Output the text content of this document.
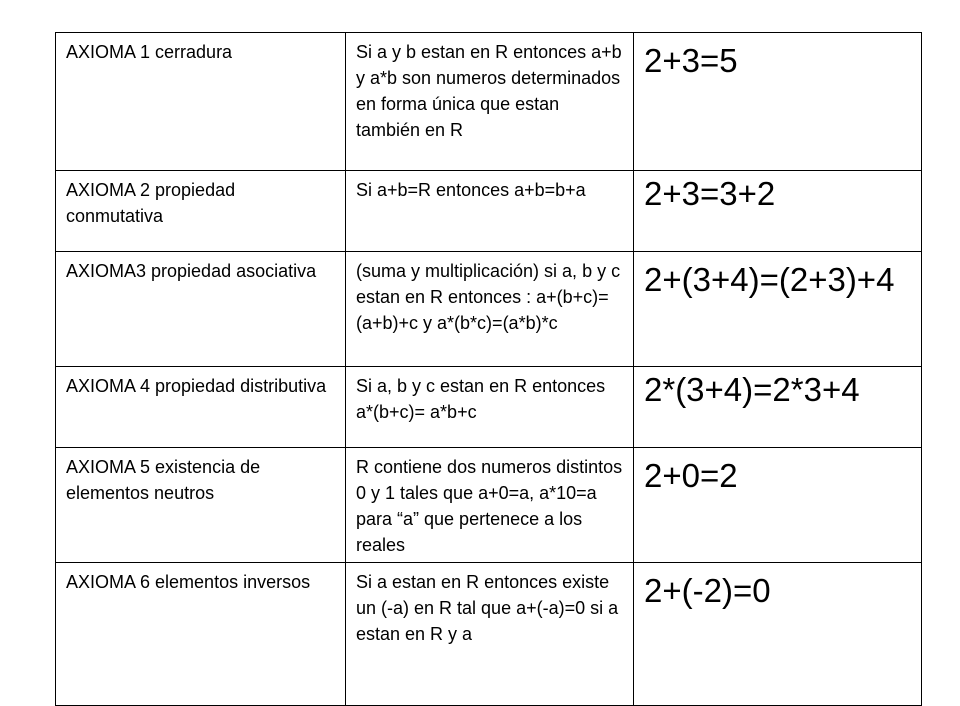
AXIOMA 1 cerradura	Si a y b estan en R entonces a+b y a*b son numeros determinados en forma única que estan también en R	2+3=5
AXIOMA 2 propiedad conmutativa	Si a+b=R entonces a+b=b+a	2+3=3+2
AXIOMA3 propiedad asociativa	(suma y multiplicación) si a, b y c estan en R entonces : a+(b+c)=(a+b)+c y a*(b*c)=(a*b)*c	2+(3+4)=(2+3)+4
AXIOMA 4 propiedad distributiva	Si a, b y c estan en R entonces a*(b+c)= a*b+c	2*(3+4)=2*3+4
AXIOMA 5 existencia de elementos neutros	R contiene dos numeros distintos 0 y 1 tales que a+0=a, a*10=a para “a” que pertenece a los reales	2+0=2
AXIOMA 6 elementos inversos	Si a estan en R entonces existe un (-a) en R tal que a+(-a)=0 si a estan en R y a	2+(-2)=0
